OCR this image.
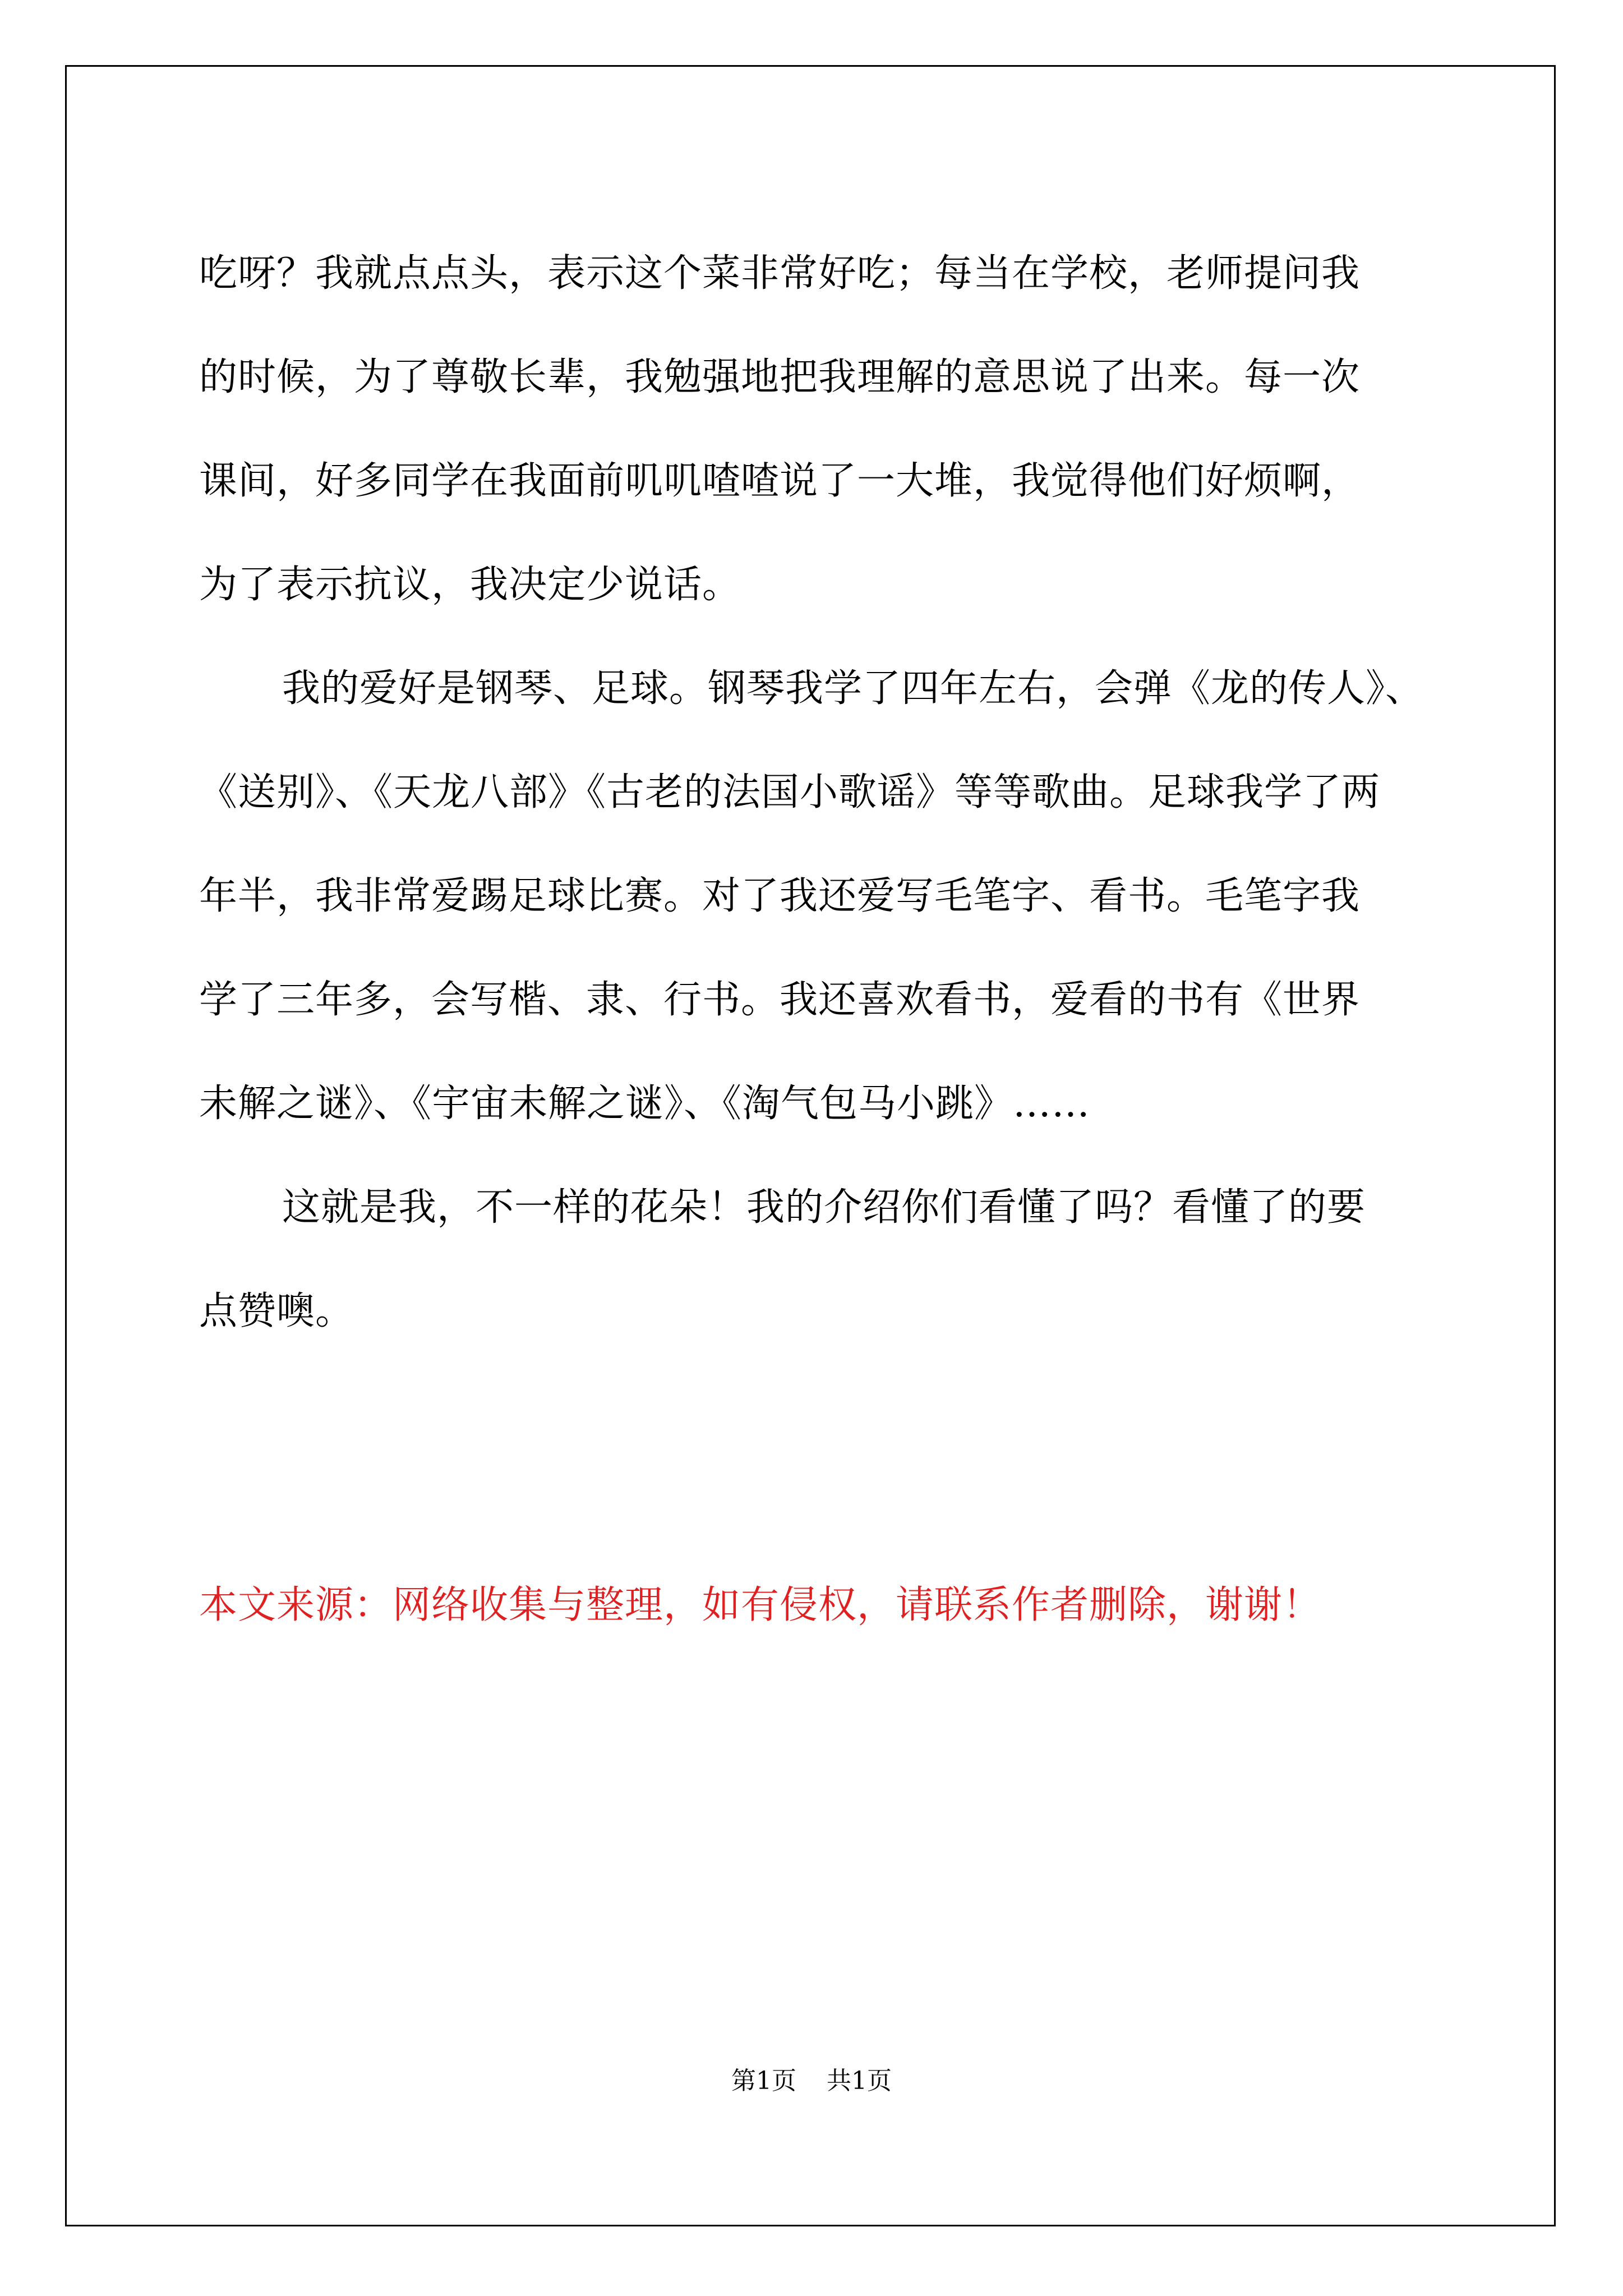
吃呀？我就点点头，表示这个菜非常好吃；每当在学校，老师提问我
的时候，为了尊敬长辈，我勉强地把我理解的意思说了出来。每一次
课间，好多同学在我面前叽叽喳喳说了一大堆，我觉得他们好烦啊，
为了表示抗议，我决定少说话。
我的爱好是钢琴、足球。钢琴我学了四年左右，会弹《龙的传人》、
《送别》、《天龙八部》《古老的法国小歌谣》等等歌曲。足球我学了两
年半，我非常爱踢足球比赛。对了我还爱写毛笔字、看书。毛笔字我
学了三年多，会写楷、隶、行书。我还喜欢看书，爱看的书有《世界
未解之谜》、《宇宙未解之谜》、《淘气包马小跳》……
这就是我，不一样的花朵！我的介绍你们看懂了吗？看懂了的要
点赞噢。
本文来源：网络收集与整理，如有侵权，请联系作者删除，谢谢！
第1页 共1页
